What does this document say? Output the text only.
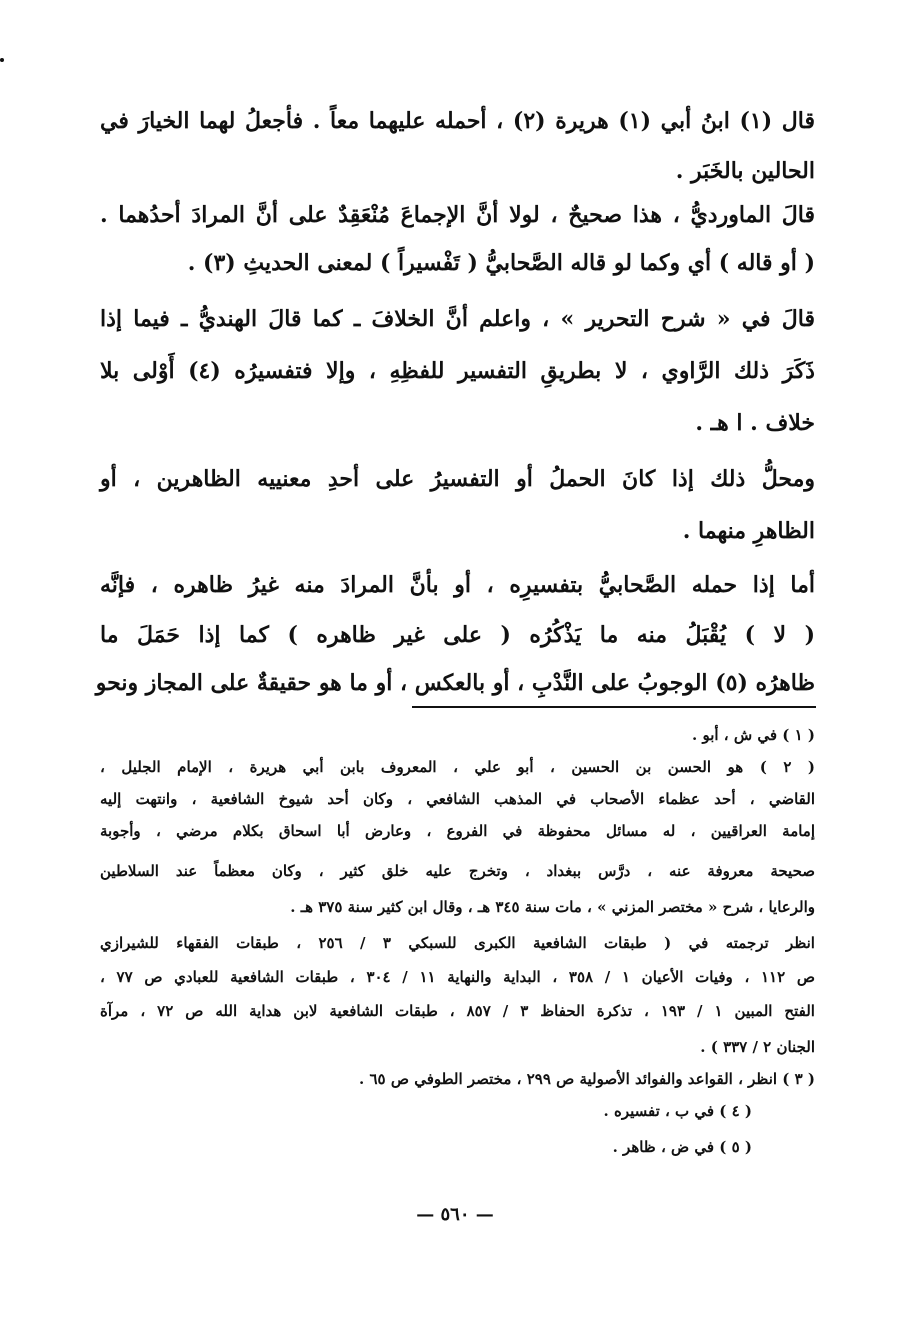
قال (١) ابنُ أبي (١) هريرة (٢) ، أحمله عليهما معاً . فأجعلُ لهما الخيارَ في
الحالين بالخَبَر .
قالَ الماورديُّ ، هذا صحيحٌ ، لولا أنَّ الإجماعَ مُنْعَقِدٌ على أنَّ المرادَ أحدُهما .
( أو قاله ) أي وكما لو قاله الصَّحابيُّ ( تَفْسيراً ) لمعنى الحديثِ (٣) .
قالَ في « شرح التحرير » ، واعلم أنَّ الخلافَ ـ كما قالَ الهنديُّ ـ فيما إذا
ذَكَرَ ذلك الرَّاوي ، لا بطريقِ التفسير للفظِهِ ، وإلا فتفسيرُه (٤) أَوْلى بلا
خلاف . ا هـ .
ومحلُّ ذلك إذا كانَ الحملُ أو التفسيرُ على أحدِ معنييه الظاهرين ، أو
الظاهرِ منهما .
أما إذا حمله الصَّحابيُّ بتفسيرِه ، أو بأنَّ المرادَ منه غيرُ ظاهره ، فإنَّه
( لا ) يُقْبَلُ منه ما يَذْكُرُه ( على غير ظاهره ) كما إذا حَمَلَ ما
ظاهرُه (٥) الوجوبُ على النَّدْبِ ، أو بالعكس ، أو ما هو حقيقةٌ على المجاز ونحو
( ١ ) في ش ، أبو .
( ٢ ) هو الحسن بن الحسين ، أبو علي ، المعروف بابن أبي هريرة ، الإمام الجليل ،
القاضي ، أحد عظماء الأصحاب في المذهب الشافعي ، وكان أحد شيوخ الشافعية ، وانتهت إليه
إمامة العراقيين ، له مسائل محفوظة في الفروع ، وعارض أبا اسحاق بكلام مرضي ، وأجوبة
صحيحة معروفة عنه ، درَّس ببغداد ، وتخرج عليه خلق كثير ، وكان معظماً عند السلاطين
والرعايا ، شرح « مختصر المزني » ، مات سنة ٣٤٥ هـ ، وقال ابن كثير سنة ٣٧٥ هـ .
انظر ترجمته في ( طبقات الشافعية الكبرى للسبكي ٣ / ٢٥٦ ، طبقات الفقهاء للشيرازي
ص ١١٢ ، وفيات الأعيان ١ / ٣٥٨ ، البداية والنهاية ١١ / ٣٠٤ ، طبقات الشافعية للعبادي ص ٧٧ ،
الفتح المبين ١ / ١٩٣ ، تذكرة الحفاظ ٣ / ٨٥٧ ، طبقات الشافعية لابن هداية الله ص ٧٢ ، مرآة
الجنان ٢ / ٣٣٧ ) .
( ٣ ) انظر ، القواعد والفوائد الأصولية ص ٢٩٩ ، مختصر الطوفي ص ٦٥ .
( ٤ ) في ب ، تفسيره .
( ٥ ) في ض ، ظاهر .
— ٥٦٠ —
